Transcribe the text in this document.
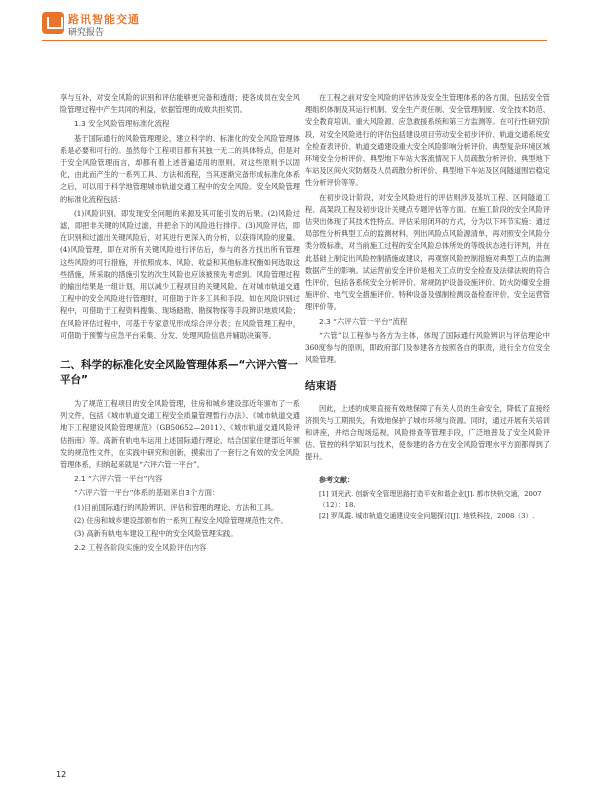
路讯智能交通
研究报告

享与互补，对安全风险的识别和评估能够更完备和透彻；使各成员在安全风险管理过程中产生共同的利益，依据管理的成败共担奖罚。

1.3 安全风险管理标准化流程

基于国际通行的风险管理理论，建立科学的、标准化的安全风险管理体系是必要和可行的。虽然每个工程项目都有其独一无二的具体特点，但是对于安全风险管理而言，却都有着上述普遍适用的原则。对这些原则予以固化，由此而产生的一系列工具、方法和流程，当其逐渐完备形成标准化体系之后，可以用于科学地管理城市轨道交通工程中的安全风险。安全风险管理的标准化流程包括：

(1)风险识别，即发现安全问题的来源及其可能引发的后果。(2)风险过滤，即把非关键的风险过滤，并把余下的风险进行排序。(3)风险评估，即在识别和过滤出关键风险后，对其进行更深入的分析，以获得风险的度量。(4)风险管理，即在对所有关键风险进行评估后，参与的各方找出所有管理这些风险的可行措施，并依照成本、风险、收益和其他标准权衡如何选取这些措施，所采取的措施引发的次生风险也应该被预先考虑到。风险管理过程的输出结果是一组计划，用以减少工程项目的关键风险。在对城市轨道交通工程中的安全风险进行管理时，可借助于许多工具和手段。如在风险识别过程中，可借助于工程资料搜集、现场踏勘、勘探物探等手段辨识地质风险；在风险评估过程中，可基于专家意见形成综合评分表；在风险管理工程中，可借助于预警与应急平台采集、分发、处理风险信息并辅助决策等。

二、科学的标准化安全风险管理体系—“六评六管一平台”

为了规范工程项目的安全风险管理，住房和城乡建设部近年颁布了一系列文件，包括《城市轨道交通工程安全质量管理暂行办法》、《城市轨道交通地下工程建设风险管理规范》（GB50652—2011）、《城市轨道交通风险评估指南》等。高新有轨电车运用上述国际通行理论，结合国家住建部近年颁发的规范性文件，在实践中研究和创新，摸索出了一套行之有效的安全风险管理体系，归纳起来就是“六评六管一平台”。

2.1 “六评六管一平台”内容
“六评六管一平台”体系的基础来自3个方面：

(1)目前国际通行的风险辨识、评估和管理的理论、方法和工具。

(2) 住房和城乡建设部颁布的一系列工程安全风险管理规范性文件。

(3) 高新有轨电车建设工程中的安全风险管理实践。

2.2 工程各阶段实施的安全风险评估内容

在工程之前对安全风险的评估涉及安全生管理体系的各方面，包括安全管理组织体制及其运行机制、安全生产责任制、安全管理制度、安全技术防范、安全教育培训、重大风险源、应急救援系统和第三方监测等。在可行性研究阶段，对安全风险进行的评估包括建设项目劳动安全初步评价、轨道交通系统安全检查表评价、轨道交通建设重大安全风险影响分析评价、典型复杂环境区域环境安全分析评价、典型地下车站大客流情况下人员疏散分析评价、典型地下车站及区间火灾防烟及人员疏散分析评价、典型地下车站及区间隧道围岩稳定性分析评价等等。

在初步设计阶段，对安全风险进行的评估则涉及基坑工程、区间隧道工程、高架段工程及初步设计关键点专题评估等方面。在施工阶段的安全风险评估突出体现了其技术性特点。评估采用闭环的方式，分为以下环节实施：通过局部性分析典型工点的监测材料，列出风险点风险源清单，再对照安全风险分类分级标准，对当前施工过程的安全风险总体所处的等级状态进行评判，并在此基础上制定出风险控制措施或建议，再观察风险控制措施对典型工点的监测数据产生的影响。试运营前安全评价是相关工点的安全检查及法律法规的符合性评价，包括各系统安全分析评价、常规防护设备设施评价、防火防爆安全措施评价、电气安全措施评价、特种设备及强制检测设备检查评价、安全运营管理评价等。

2.3 “六评六管一平台”流程

“六管”以工程参与各方为主体，体现了国际通行风险辨识与评估理论中360度参与的原则，即政府部门及参建各方按照各自的职责，进行全方位安全风险管理。

结束语

因此，上述的成果直接有效地保障了有关人员的生命安全，降低了直接经济损失与工期损失，有效地保护了城市环境与资源。同时，通过开展有关培训和讲座，并结合现场巡视，风险排查等管理手段，广泛地普及了安全风险评估、管控的科学知识与技术，使参建的各方在安全风险管理水平方面都得到了提升。

参考文献：
[1] 刘光武. 创新安全管理思路打造平安和谐企业[J]. 都市快轨交通，2007（12）：18.
[2] 罗凤霞. 城市轨道交通建设安全问题探讨[J]. 地铁科技，2008（3）.
12
